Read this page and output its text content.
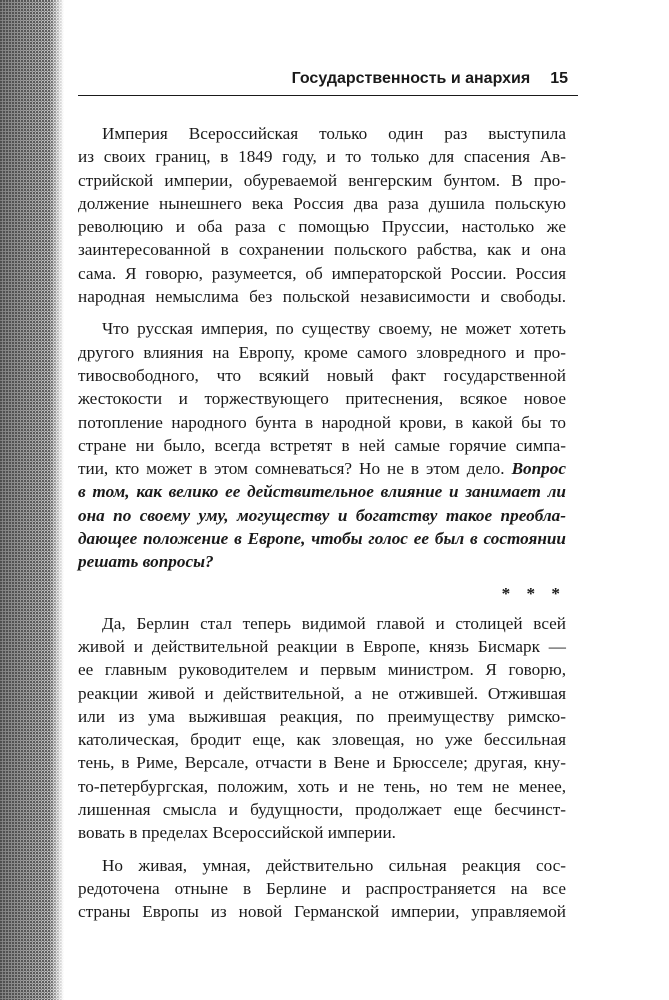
Государственность и анархия 15
Империя Всероссийская только один раз выступила
из своих границ, в 1849 году, и то только для спасения Ав-
стрийской империи, обуреваемой венгерским бунтом. В про-
должение нынешнего века Россия два раза душила польскую
революцию и оба раза с помощью Пруссии, настолько же
заинтересованной в сохранении польского рабства, как и она
сама. Я говорю, разумеется, об императорской России. Россия
народная немыслима без польской независимости и свободы.
Что русская империя, по существу своему, не может хотеть
другого влияния на Европу, кроме самого зловредного и про-
тивосвободного, что всякий новый факт государственной
жестокости и торжествующего притеснения, всякое новое
потопление народного бунта в народной крови, в какой бы то
стране ни было, всегда встретят в ней самые горячие симпа-
тии, кто может в этом сомневаться? Но не в этом дело. Вопрос
в том, как велико ее действительное влияние и занимает ли
она по своему уму, могуществу и богатству такое преобла-
дающее положение в Европе, чтобы голос ее был в состоянии
решать вопросы?
* * *
Да, Берлин стал теперь видимой главой и столицей всей
живой и действительной реакции в Европе, князь Бисмарк —
ее главным руководителем и первым министром. Я говорю,
реакции живой и действительной, а не отжившей. Отжившая
или из ума выжившая реакция, по преимуществу римско-
католическая, бродит еще, как зловещая, но уже бессильная
тень, в Риме, Версале, отчасти в Вене и Брюсселе; другая, кну-
то-петербургская, положим, хоть и не тень, но тем не менее,
лишенная смысла и будущности, продолжает еще бесчинст-
вовать в пределах Всероссийской империи.
Но живая, умная, действительно сильная реакция сос-
редоточена отныне в Берлине и распространяется на все
страны Европы из новой Германской империи, управляемой
